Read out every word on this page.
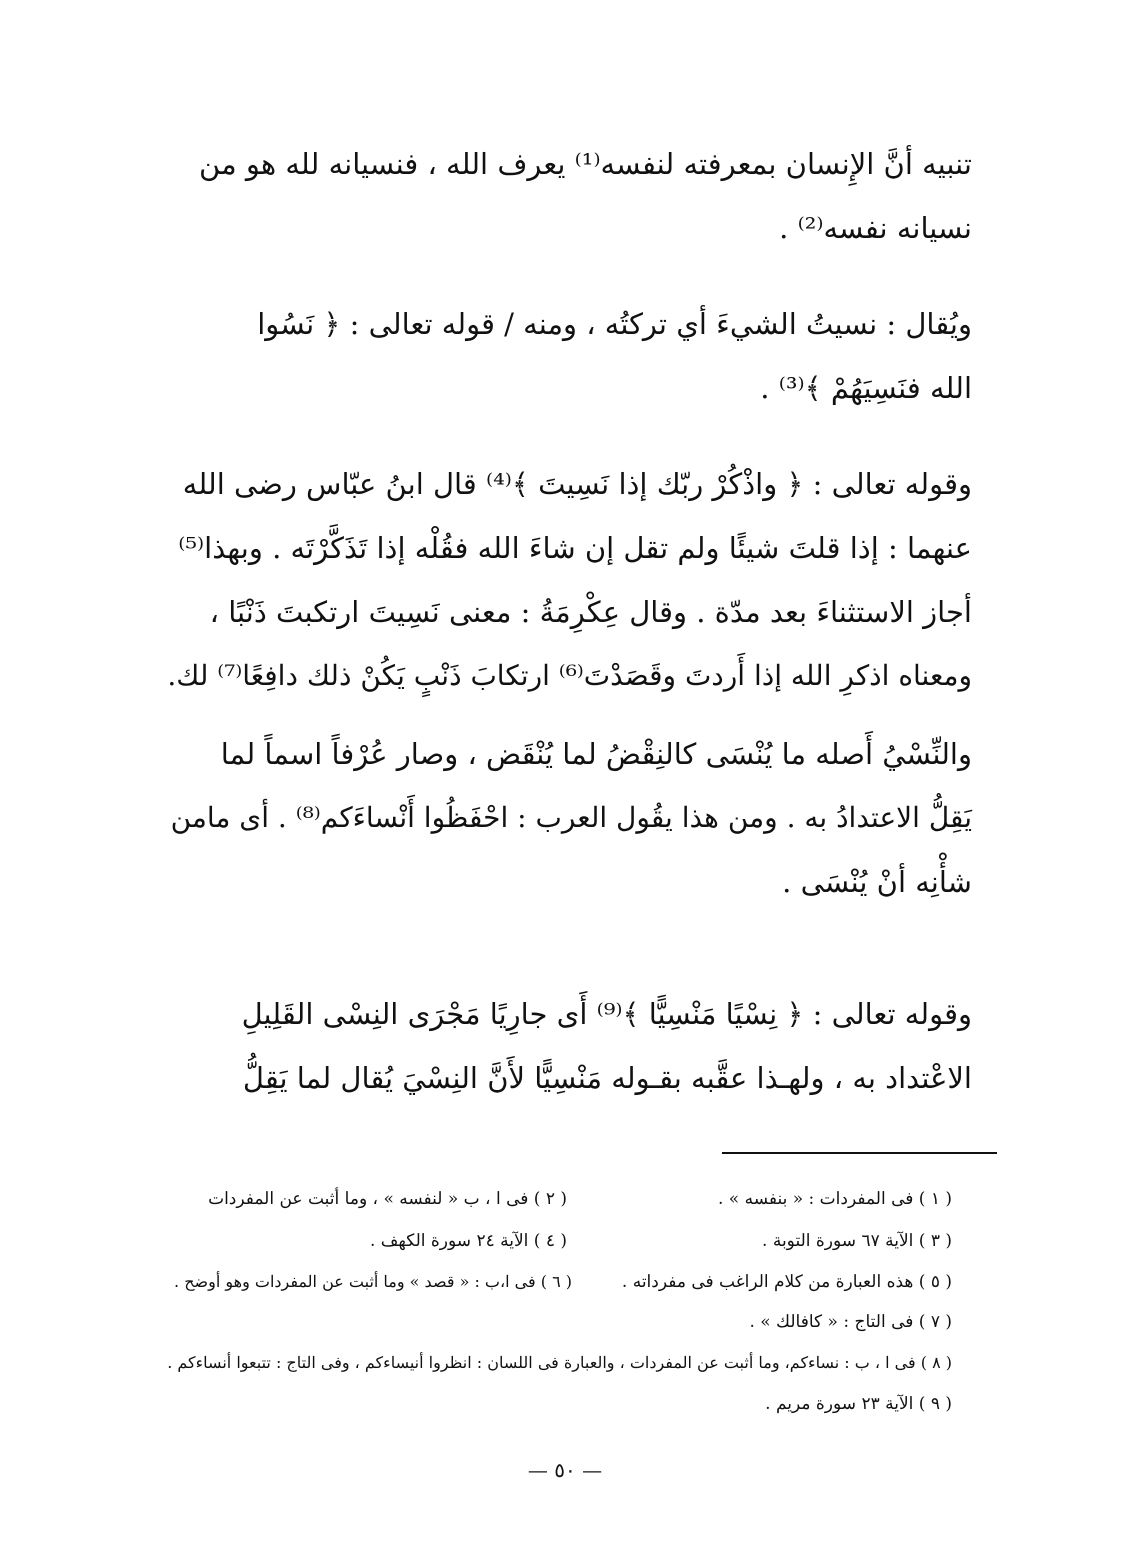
تنبيه أنَّ الإِنسان بمعرفته لنفسه⁽¹⁾ يعرف الله ، فنسيانه لله هو من
نسيانه نفسه⁽²⁾ .
ويُقال : نسيتُ الشيءَ أي تركتُه ، ومنه / قوله تعالى : ﴿ نَسُوا
الله فنَسِيَهُمْ ﴾⁽³⁾ .
وقوله تعالى : ﴿ واذْكُرْ ربّك إذا نَسِيتَ ﴾⁽⁴⁾ قال ابنُ عبّاس رضى الله
عنهما : إذا قلتَ شيئًا ولم تقل إن شاءَ الله فقُلْه إذا تَذَكَّرْتَه . وبهذا⁽⁵⁾
أجاز الاستثناءَ بعد مدّة . وقال عِكْرِمَةُ : معنى نَسِيتَ ارتكبتَ ذَنْبًا ،
ومعناه اذكرِ الله إذا أَردتَ وقَصَدْتَ⁽⁶⁾ ارتكابَ ذَنْبٍ يَكُنْ ذلك دافِعًا⁽⁷⁾ لك.
والنِّسْيُ أَصله ما يُنْسَى كالنِقْضُ لما يُنْقَض ، وصار عُرْفاً اسماً لما
يَقِلُّ الاعتدادُ به . ومن هذا يقُول العرب : احْفَظُوا أَنْساءَكم⁽⁸⁾ . أى مامن
شأْنِه أنْ يُنْسَى .
وقوله تعالى : ﴿ نِسْيًا مَنْسِيًّا ﴾⁽⁹⁾ أَى جارِيًا مَجْرَى النِسْى القَلِيلِ
الاعْتداد به ، ولهـذا عقَّبه بقـوله مَنْسِيًّا لأَنَّ النِسْيَ يُقال لما يَقِلُّ
( ١ ) فى المفردات : « بنفسه » .
( ٢ ) فى ا ، ب « لنفسه » ، وما أثبت عن المفردات
( ٣ ) الآية ٦٧ سورة التوبة .
( ٤ ) الآية ٢٤ سورة الكهف .
( ٥ ) هذه العبارة من كلام الراغب فى مفرداته .
( ٦ ) فى ا،ب : « قصد » وما أثبت عن المفردات وهو أوضح .
( ٧ ) فى التاج : « كافالك » .
( ٨ ) فى ا ، ب : نساءكم، وما أثبت عن المفردات ، والعبارة فى اللسان : انظروا أنيساءكم ، وفى التاج : تتبعوا أنساءكم .
( ٩ ) الآية ٢٣ سورة مريم .
— ٥٠ —
